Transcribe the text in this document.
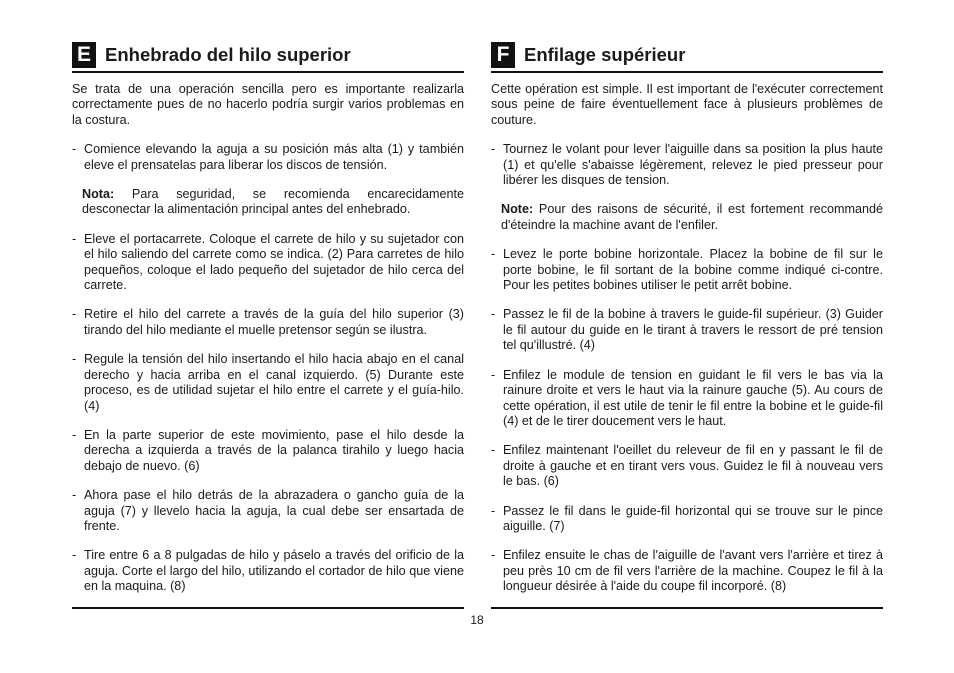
E Enhebrado del hilo superior
Se trata de una operación sencilla pero es importante realizarla correctamente pues de no hacerlo podría surgir varios problemas en la costura.
- Comience elevando la aguja a su posición más alta (1) y también eleve el prensatelas para liberar los discos de tensión.
Nota: Para seguridad, se recomienda encarecidamente desconectar la alimentación principal antes del enhebrado.
- Eleve el portacarrete. Coloque el carrete de hilo y su sujetador con el hilo saliendo del carrete como se indica. (2) Para carretes de hilo pequeños, coloque el lado pequeño del sujetador de hilo cerca del carrete.
- Retire el hilo del carrete a través de la guía del hilo superior (3) tirando del hilo mediante el muelle pretensor según se ilustra.
- Regule la tensión del hilo insertando el hilo hacia abajo en el canal derecho y hacia arriba en el canal izquierdo. (5) Durante este proceso, es de utilidad sujetar el hilo entre el carrete y el guía-hilo. (4)
- En la parte superior de este movimiento, pase el hilo desde la derecha a izquierda a través de la palanca tirahilo y luego hacia debajo de nuevo. (6)
- Ahora pase el hilo detrás de la abrazadera o gancho guía de la aguja (7) y llevelo hacia la aguja, la cual debe ser ensartada de frente.
- Tire entre 6 a 8 pulgadas de hilo y páselo a través del orificio de la aguja. Corte el largo del hilo, utilizando el cortador de hilo que viene en la maquina. (8)
F Enfilage supérieur
Cette opération est simple. Il est important de l'exécuter correctement sous peine de faire éventuellement face à plusieurs problèmes de couture.
- Tournez le volant pour lever l'aiguille dans sa position la plus haute (1) et qu'elle s'abaisse légèrement, relevez le pied presseur pour libérer les disques de tension.
Note: Pour des raisons de sécurité, il est fortement recommandé d'éteindre la machine avant de l'enfiler.
- Levez le porte bobine horizontale. Placez la bobine de fil sur le porte bobine, le fil sortant de la bobine comme indiqué ci-contre. Pour les petites bobines utiliser le petit arrêt bobine.
- Passez le fil de la bobine à travers le guide-fil supérieur. (3) Guider le fil autour du guide en le tirant à travers le ressort de pré tension tel qu'illustré. (4)
- Enfilez le module de tension en guidant le fil vers le bas via la rainure droite et vers le haut via la rainure gauche (5). Au cours de cette opération, il est utile de tenir le fil entre la bobine et le guide-fil (4) et de le tirer doucement vers le haut.
- Enfilez maintenant l'oeillet du releveur de fil en y passant le fil de droite à gauche et en tirant vers vous. Guidez le fil à nouveau vers le bas. (6)
- Passez le fil dans le guide-fil horizontal qui se trouve sur le pince aiguille. (7)
- Enfilez ensuite le chas de l'aiguille de l'avant vers l'arrière et tirez à peu près 10 cm de fil vers l'arrière de la machine. Coupez le fil à la longueur désirée à l'aide du coupe fil incorporé. (8)
18
